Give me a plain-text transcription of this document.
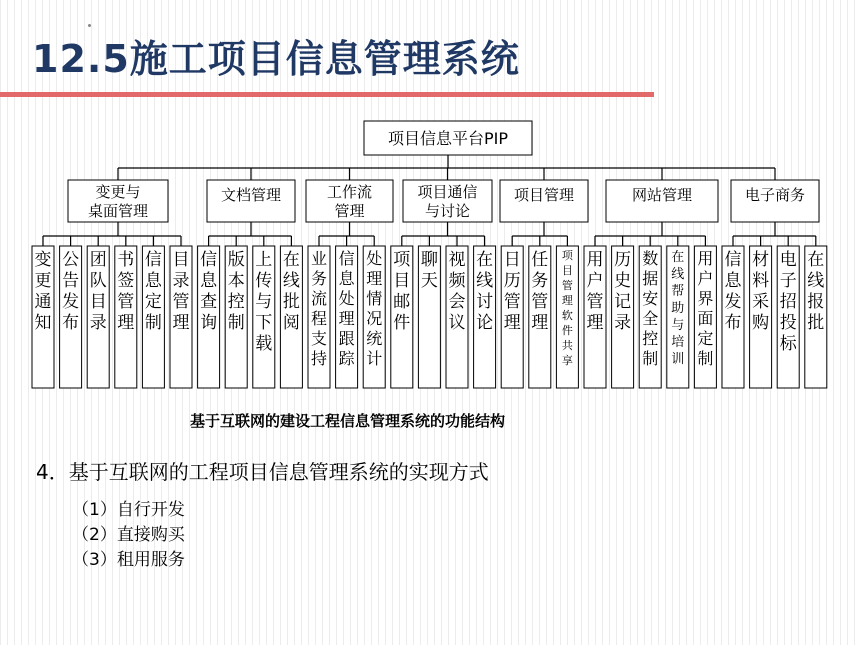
12.5施工项目信息管理系统
项目信息平台PIP
变更与
桌面管理
变更通知
公告发布
团队目录
书签管理
信息定制
目录管理
文档管理
信息查询
版本控制
上传与下载
在线批阅
工作流
管理
业务流程支持
信息处理跟踪
处理情况统计
项目通信
与讨论
项目邮件
聊天
视频会议
在线讨论
项目管理
日历管理
任务管理
项目管理软件共享
网站管理
用户管理
历史记录
数据安全控制
在线帮助与培训
用户界面定制
电子商务
信息发布
材料采购
电子招投标
在线报批
基于互联网的建设工程信息管理系统的功能结构
4．基于互联网的工程项目信息管理系统的实现方式
（1）自行开发
（2）直接购买
（3）租用服务
